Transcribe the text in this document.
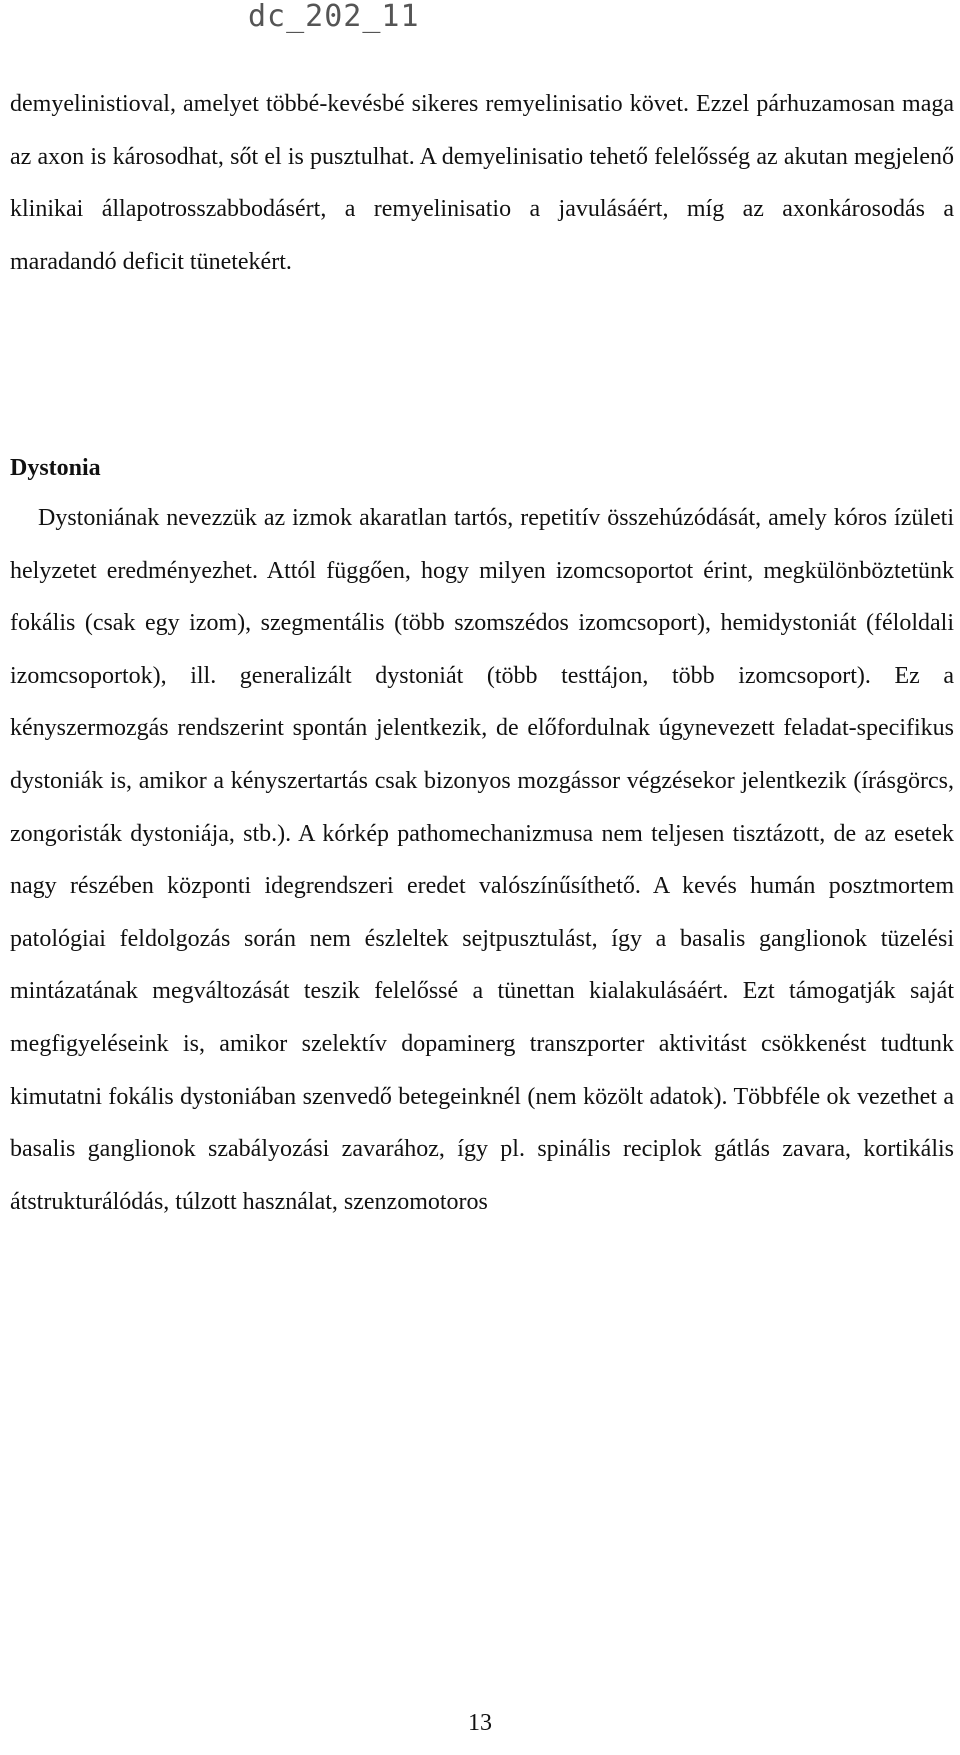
dc_202_11

demyelinistioval, amelyet többé-kevésbé sikeres remyelinisatio követ. Ezzel párhuzamosan maga az axon is károsodhat, sőt el is pusztulhat. A demyelinisatio tehető felelősség az akutan megjelenő klinikai állapotrosszabbodásért, a remyelinisatio a javulásáért, míg az axonkárosodás a maradandó deficit tünetekért.

Dystonia

Dystoniának nevezzük az izmok akaratlan tartós, repetitív összehúzódását, amely kóros ízületi helyzetet eredményezhet. Attól függően, hogy milyen izomcsoportot érint, megkülönböztetünk fokális (csak egy izom), szegmentális (több szomszédos izomcsoport), hemidystoniát (féloldali izomcsoportok), ill. generalizált dystoniát (több testtájon, több izomcsoport). Ez a kényszermozgás rendszerint spontán jelentkezik, de előfordulnak úgynevezett feladat-specifikus dystoniák is, amikor a kényszertartás csak bizonyos mozgássor végzésekor jelentkezik (írásgörcs, zongoristák dystoniája, stb.). A kórkép pathomechanizmusa nem teljesen tisztázott, de az esetek nagy részében központi idegrendszeri eredet valószínűsíthető. A kevés humán posztmortem patológiai feldolgozás során nem észleltek sejtpusztulást, így a basalis ganglionok tüzelési mintázatának megváltozását teszik felelőssé a tünettan kialakulásáért. Ezt támogatják saját megfigyeléseink is, amikor szelektív dopaminerg transzporter aktivitást csökkenést tudtunk kimutatni fokális dystoniában szenvedő betegeinknél (nem közölt adatok). Többféle ok vezethet a basalis ganglionok szabályozási zavarához, így pl. spinális reciplok gátlás zavara, kortikális átstrukturálódás, túlzott használat, szenzomotoros

13
